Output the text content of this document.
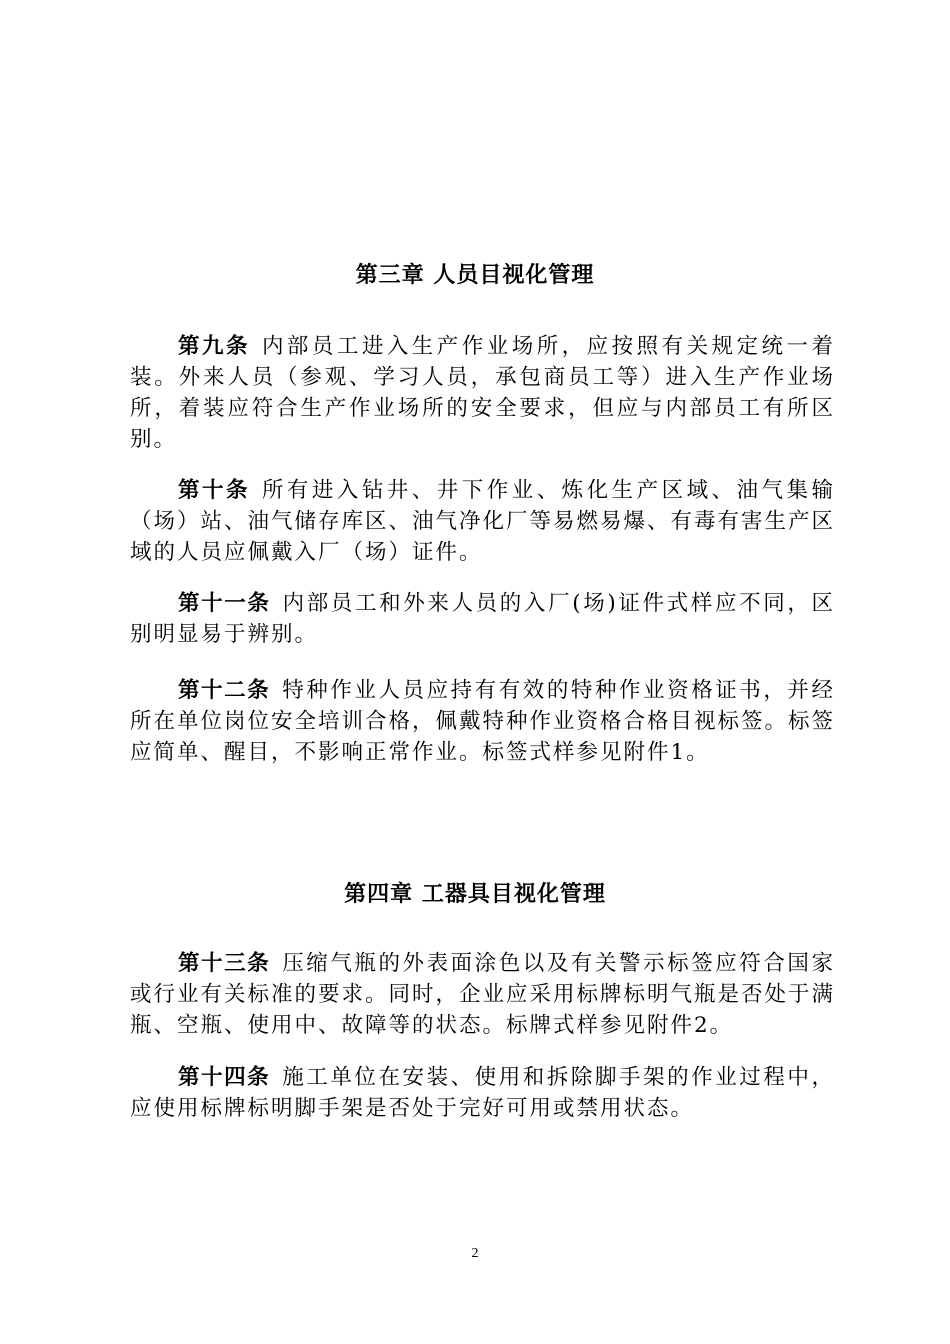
第三章 人员目视化管理

第九条 内部员工进入生产作业场所，应按照有关规定统一着装。外来人员（参观、学习人员，承包商员工等）进入生产作业场所，着装应符合生产作业场所的安全要求，但应与内部员工有所区别。

第十条 所有进入钻井、井下作业、炼化生产区域、油气集输（场）站、油气储存库区、油气净化厂等易燃易爆、有毒有害生产区域的人员应佩戴入厂（场）证件。

第十一条 内部员工和外来人员的入厂(场)证件式样应不同，区别明显易于辨别。

第十二条 特种作业人员应持有有效的特种作业资格证书，并经所在单位岗位安全培训合格，佩戴特种作业资格合格目视标签。标签应简单、醒目，不影响正常作业。标签式样参见附件1。

第四章 工器具目视化管理

第十三条 压缩气瓶的外表面涂色以及有关警示标签应符合国家或行业有关标准的要求。同时，企业应采用标牌标明气瓶是否处于满瓶、空瓶、使用中、故障等的状态。标牌式样参见附件2。

第十四条 施工单位在安装、使用和拆除脚手架的作业过程中，应使用标牌标明脚手架是否处于完好可用或禁用状态。

2
